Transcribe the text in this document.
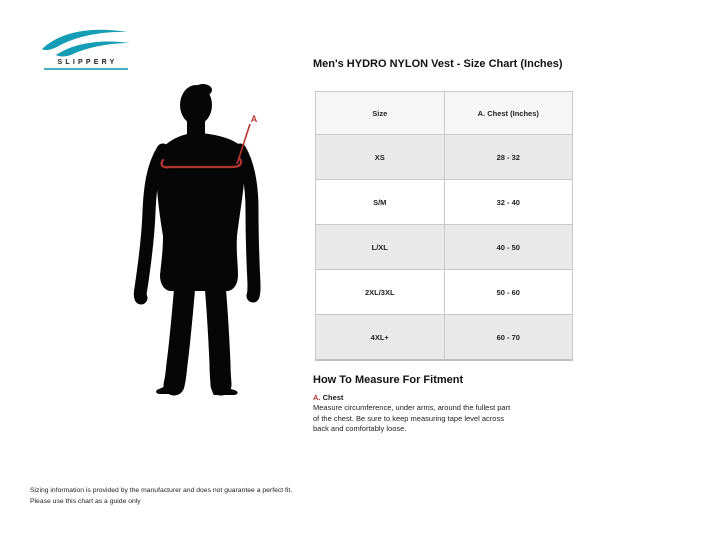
SLIPPERY
A
Men's HYDRO NYLON Vest - Size Chart (Inches)
Size	A. Chest (Inches)
XS	28 - 32
S/M	32 - 40
L/XL	40 - 50
2XL/3XL	50 - 60
4XL+	60 - 70
How To Measure For Fitment
A. Chest
Measure circumference, under arms, around the fullest part of the chest. Be sure to keep measuring tape level across back and comfortably loose.
Sizing information is provided by the manufacturer and does not guarantee a perfect fit.
Please use this chart as a guide only
